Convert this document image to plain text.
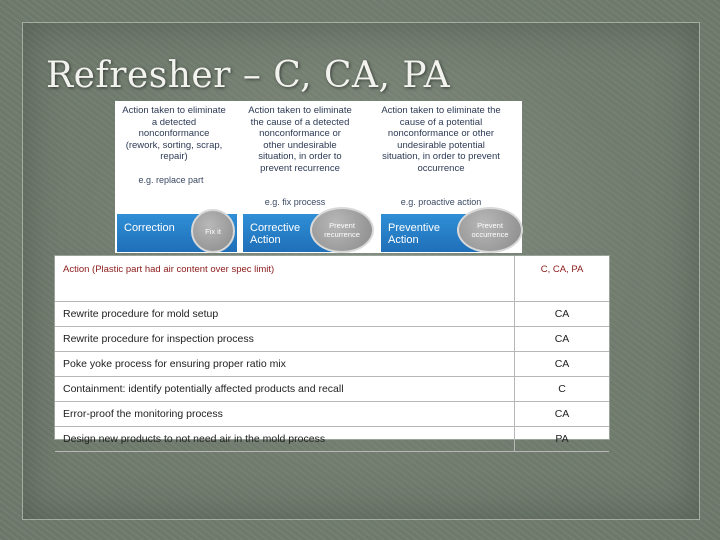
Refresher – C, CA, PA
Action taken to eliminate a detected nonconformance (rework, sorting, scrap, repair)
e.g. replace part
Correction	Fix it
Action taken to eliminate the cause of a detected nonconformance or other undesirable situation, in order to prevent recurrence
e.g. fix process
Corrective Action
Prevent recurrence
Action taken to eliminate the cause of a potential nonconformance or other undesirable potential situation, in order to prevent occurrence
e.g. proactive action
Preventive Action
Prevent occurrence
Action (Plastic part had air content over spec limit)	C, CA, PA
Rewrite procedure for mold setup	CA
Rewrite procedure for inspection process	CA
Poke yoke process for ensuring proper ratio mix	CA
Containment: identify potentially affected products and recall	C
Error-proof the monitoring process	CA
Design new products to not need air in the mold process	PA
